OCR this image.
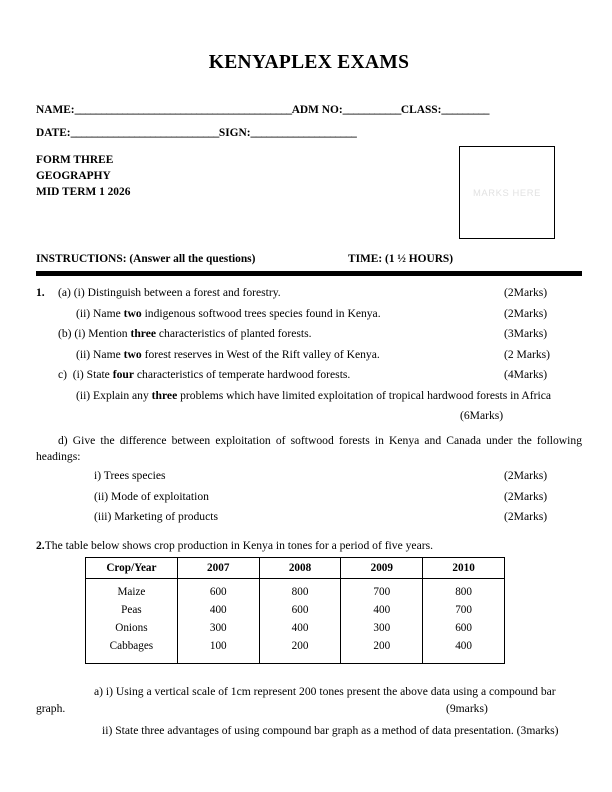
KENYAPLEX EXAMS
NAME:_________________________________________ADM NO:___________CLASS:_________
DATE:____________________________SIGN:____________________
FORM THREE
GEOGRAPHY
MID TERM 1 2026	MARKS HERE
INSTRUCTIONS: (Answer all the questions)	TIME: (1 ½ HOURS)
1. (a) (i) Distinguish between a forest and forestry.	(2Marks)
(ii) Name two indigenous softwood trees species found in Kenya.	(2Marks)
(b) (i) Mention three characteristics of planted forests.	(3Marks)
(ii) Name two forest reserves in West of the Rift valley of Kenya.	(2 Marks)
c)  (i) State four characteristics of temperate hardwood forests.	(4Marks)
(ii) Explain any three problems which have limited exploitation of tropical hardwood forests in Africa
(6Marks)
d) Give the difference between exploitation of softwood forests in Kenya and Canada under the following headings:
i) Trees species	(2Marks)
(ii) Mode of exploitation	(2Marks)
(iii) Marketing of products	(2Marks)
2.The table below shows crop production in Kenya in tones for a period of five years.
Crop/Year	2007	2008	2009	2010
Maize	600	800	700	800
Peas	400	600	400	700
Onions	300	400	300	600
Cabbages	100	200	200	400
a) i) Using a vertical scale of 1cm represent 200 tones present the above data using a compound bar
graph.	(9marks)
ii) State three advantages of using compound bar graph as a method of data presentation. (3marks)
